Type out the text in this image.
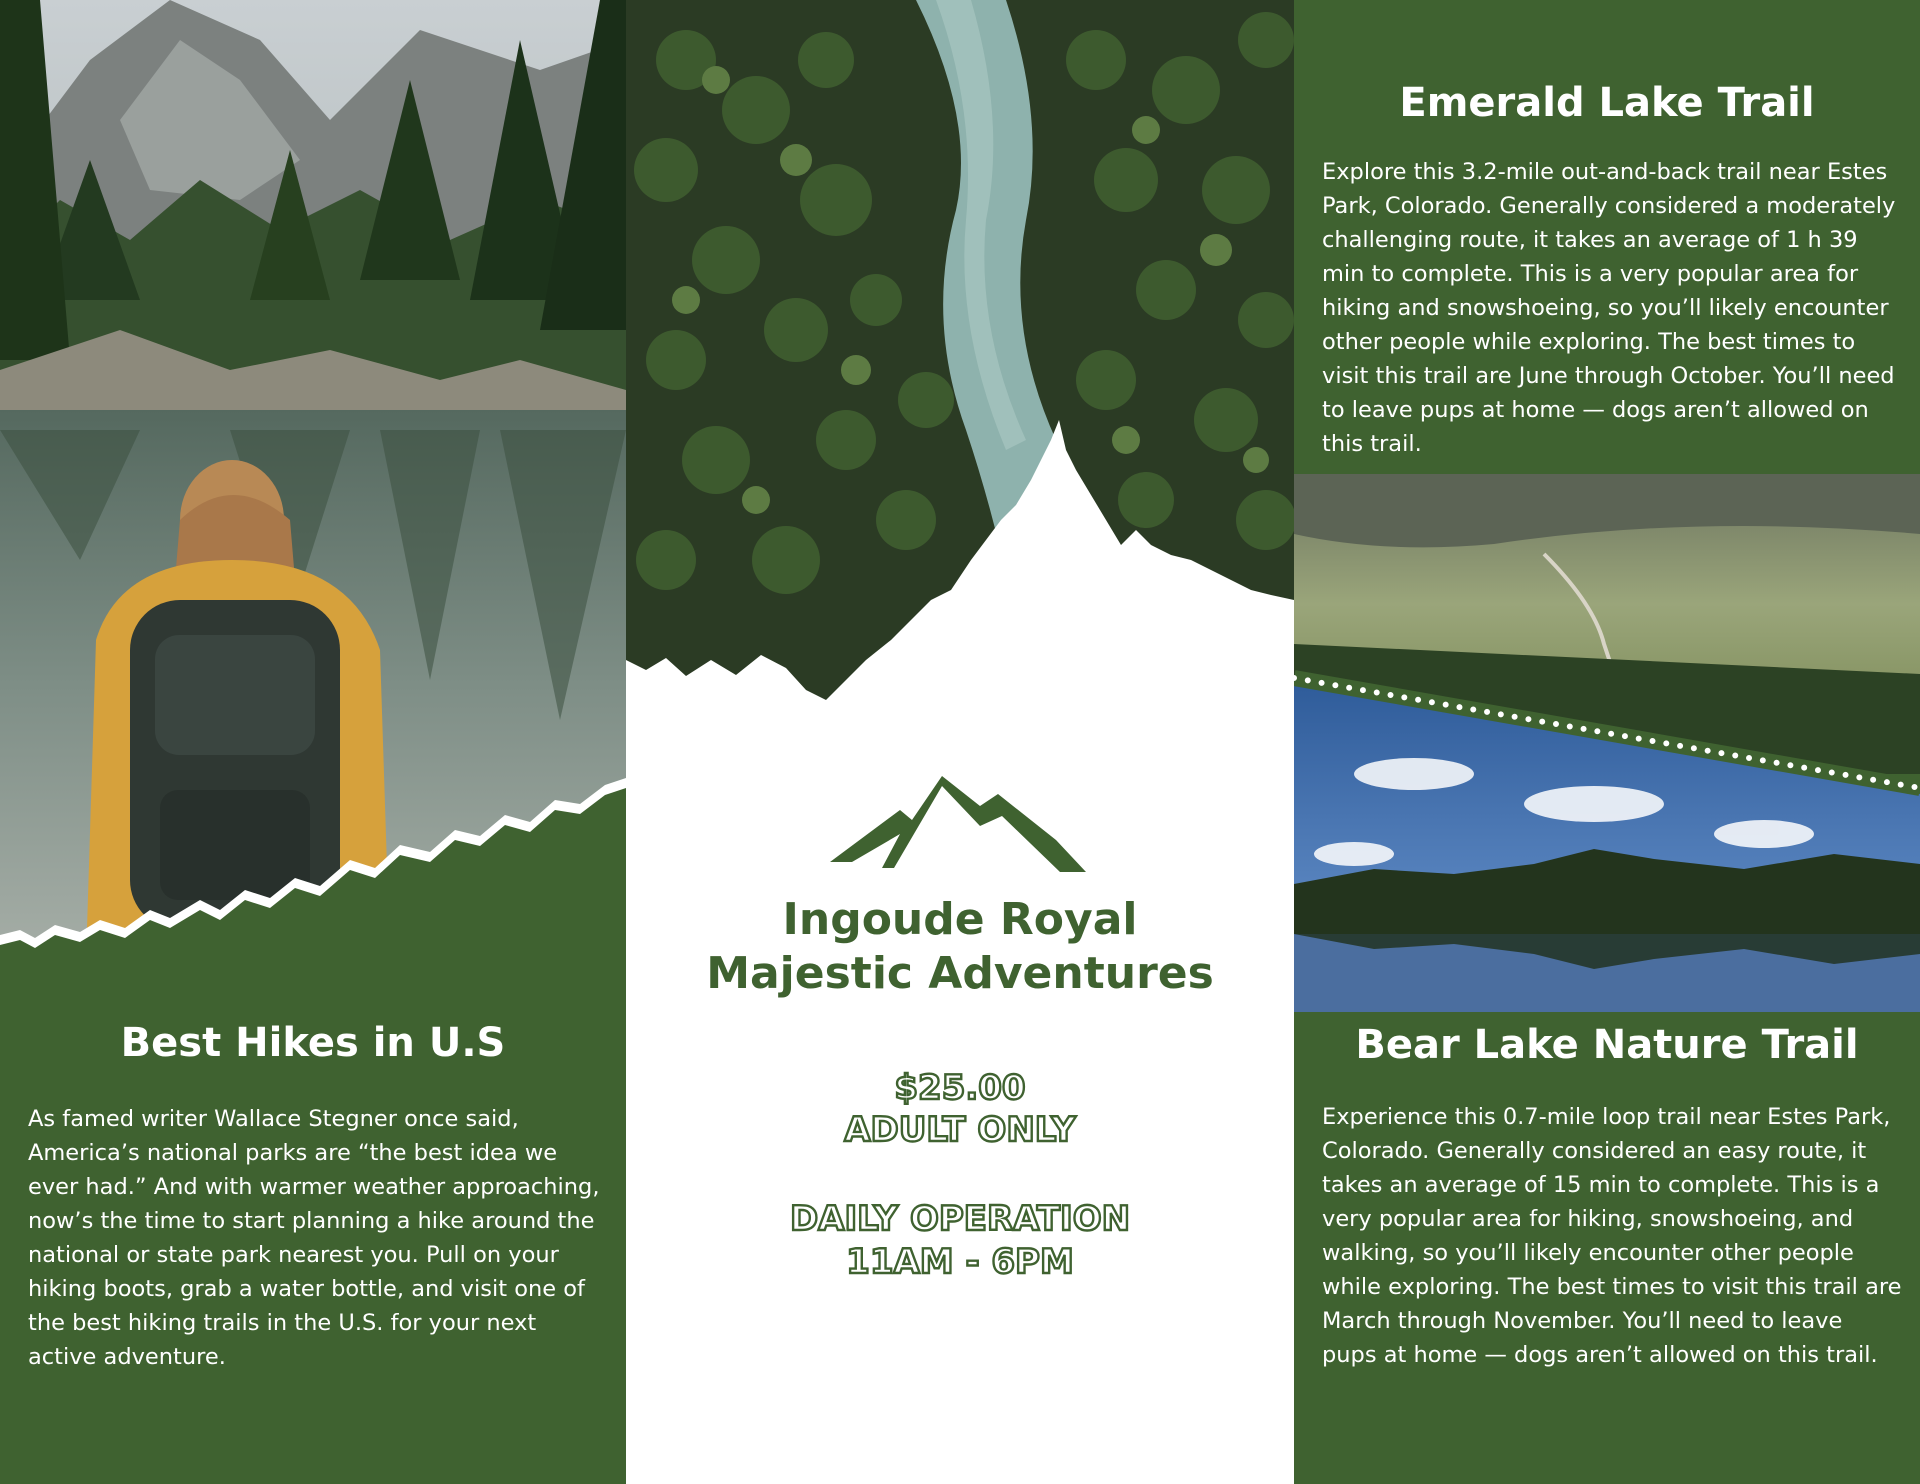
Best Hikes in U.S

As famed writer Wallace Stegner once said, America’s national parks are “the best idea we ever had.” And with warmer weather approaching, now’s the time to start planning a hike around the national or state park nearest you. Pull on your hiking boots, grab a water bottle, and visit one of the best hiking trails in the U.S. for your next active adventure.

Ingoude Royal
Majestic Adventures
$25.00
ADULT ONLY
DAILY OPERATION
11AM - 6PM
Emerald Lake Trail

Explore this 3.2-mile out-and-back trail near Estes Park, Colorado. Generally considered a moderately challenging route, it takes an average of 1 h 39 min to complete. This is a very popular area for hiking and snowshoeing, so you’ll likely encounter other people while exploring. The best times to visit this trail are June through October. You’ll need to leave pups at home — dogs aren’t allowed on this trail.

Bear Lake Nature Trail

Experience this 0.7-mile loop trail near Estes Park, Colorado. Generally considered an easy route, it takes an average of 15 min to complete. This is a very popular area for hiking, snowshoeing, and walking, so you’ll likely encounter other people while exploring. The best times to visit this trail are March through November. You’ll need to leave pups at home — dogs aren’t allowed on this trail.
